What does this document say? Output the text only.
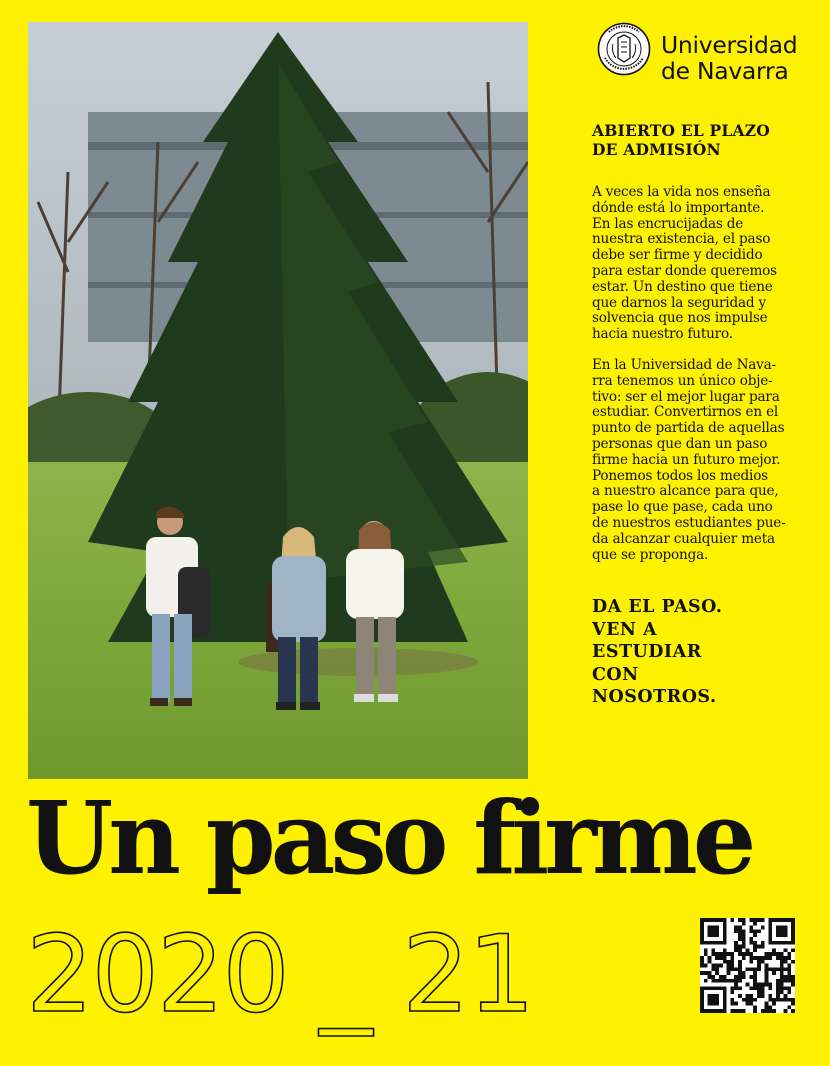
Universidad
de Navarra
ABIERTO EL PLAZO
DE ADMISIÓN

A veces la vida nos enseña
dónde está lo importante.
En las encrucijadas de
nuestra existencia, el paso
debe ser firme y decidido
para estar donde queremos
estar. Un destino que tiene
que darnos la seguridad y
solvencia que nos impulse
hacia nuestro futuro.

En la Universidad de Nava-
rra tenemos un único obje-
tivo: ser el mejor lugar para
estudiar. Convertirnos en el
punto de partida de aquellas
personas que dan un paso
firme hacia un futuro mejor.
Ponemos todos los medios
a nuestro alcance para que,
pase lo que pase, cada uno
de nuestros estudiantes pue-
da alcanzar cualquier meta
que se proponga.

DA EL PASO.
VEN A
ESTUDIAR
CON
NOSOTROS.
Un paso firme
2020 _ 21
